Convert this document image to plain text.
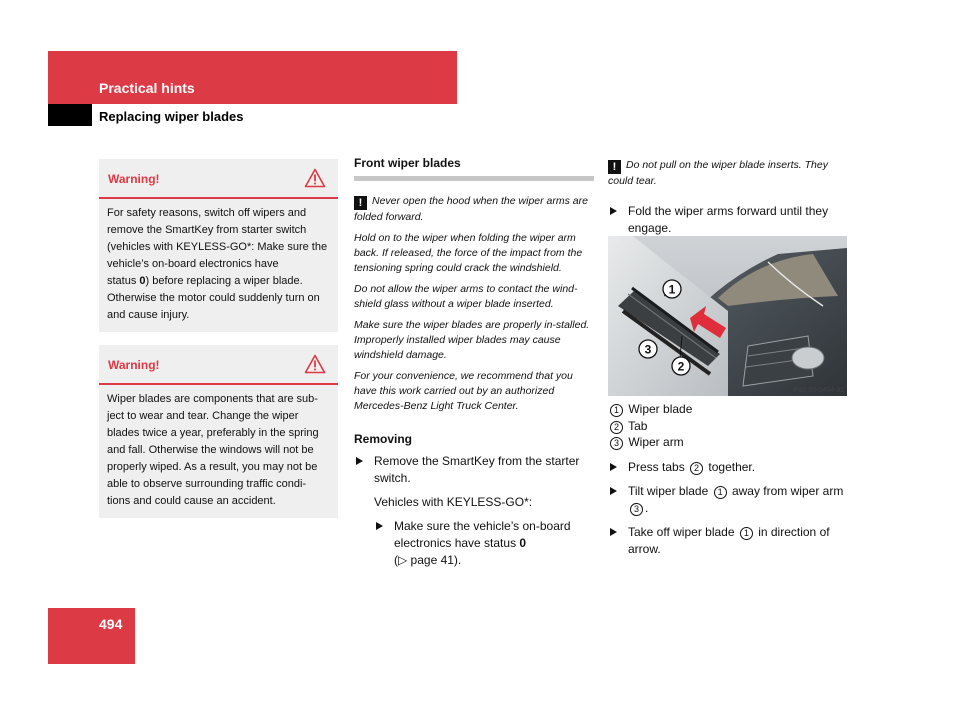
Practical hints
Replacing wiper blades
Warning!
For safety reasons, switch off wipers and
remove the SmartKey from starter switch
(vehicles with KEYLESS-GO*: Make sure the
vehicle’s on-board electronics have
status 0) before replacing a wiper blade.
Otherwise the motor could suddenly turn on
and cause injury.
Warning!
Wiper blades are components that are sub-
ject to wear and tear. Change the wiper
blades twice a year, preferably in the spring
and fall. Otherwise the windows will not be
properly wiped. As a result, you may not be
able to observe surrounding traffic condi-
tions and could cause an accident.
Front wiper blades
! Never open the hood when the wiper arms are folded forward.
Hold on to the wiper when folding the wiper arm back. If released, the force of the impact from the tensioning spring could crack the windshield.
Do not allow the wiper arms to contact the wind-shield glass without a wiper blade inserted.
Make sure the wiper blades are properly in-stalled. Improperly installed wiper blades may cause windshield damage.
For your convenience, we recommend that you have this work carried out by an authorized Mercedes-Benz Light Truck Center.
Removing
Remove the SmartKey from the starter switch.
Vehicles with KEYLESS-GO*:
Make sure the vehicle’s on-board electronics have status 0
(▷ page 41).
! Do not pull on the wiper blade inserts. They could tear.
Fold the wiper arms forward until they engage.
1
3
2
P82.30-2404-31
1 Wiper blade
2 Tab
3 Wiper arm
Press tabs 2 together.
Tilt wiper blade 1 away from wiper arm 3 .
Take off wiper blade 1 in direction of arrow.
494
